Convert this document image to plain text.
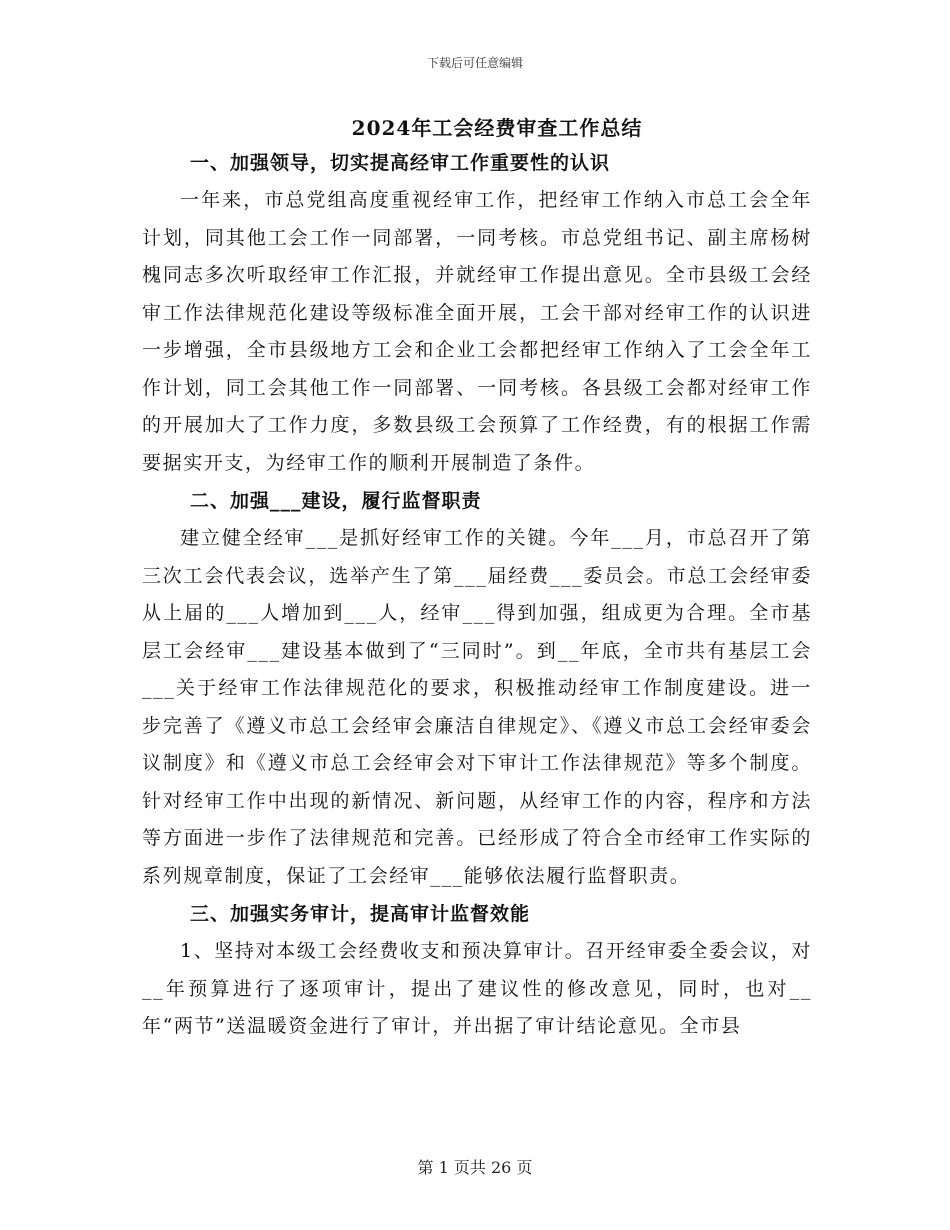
下载后可任意编辑
2024年工会经费审查工作总结
一、加强领导，切实提高经审工作重要性的认识

一年来，市总党组高度重视经审工作，把经审工作纳入市总工会全年计划，同其他工会工作一同部署，一同考核。市总党组书记、副主席杨树槐同志多次听取经审工作汇报，并就经审工作提出意见。全市县级工会经审工作法律规范化建设等级标准全面开展，工会干部对经审工作的认识进一步增强，全市县级地方工会和企业工会都把经审工作纳入了工会全年工作计划，同工会其他工作一同部署、一同考核。各县级工会都对经审工作的开展加大了工作力度，多数县级工会预算了工作经费，有的根据工作需要据实开支，为经审工作的顺利开展制造了条件。

二、加强___建设，履行监督职责

建立健全经审___是抓好经审工作的关键。今年___月，市总召开了第三次工会代表会议，选举产生了第___届经费___委员会。市总工会经审委从上届的___人增加到___人，经审___得到加强，组成更为合理。全市基层工会经审___建设基本做到了“三同时”。到__年底，全市共有基层工会___关于经审工作法律规范化的要求，积极推动经审工作制度建设。进一步完善了《遵义市总工会经审会廉洁自律规定》、《遵义市总工会经审委会议制度》和《遵义市总工会经审会对下审计工作法律规范》等多个制度。针对经审工作中出现的新情况、新问题，从经审工作的内容，程序和方法等方面进一步作了法律规范和完善。已经形成了符合全市经审工作实际的系列规章制度，保证了工会经审___能够依法履行监督职责。

三、加强实务审计，提高审计监督效能

1、坚持对本级工会经费收支和预决算审计。召开经审委全委会议，对__年预算进行了逐项审计，提出了建议性的修改意见，同时，也对__年“两节”送温暖资金进行了审计，并出据了审计结论意见。全市县

第 1 页共 26 页
